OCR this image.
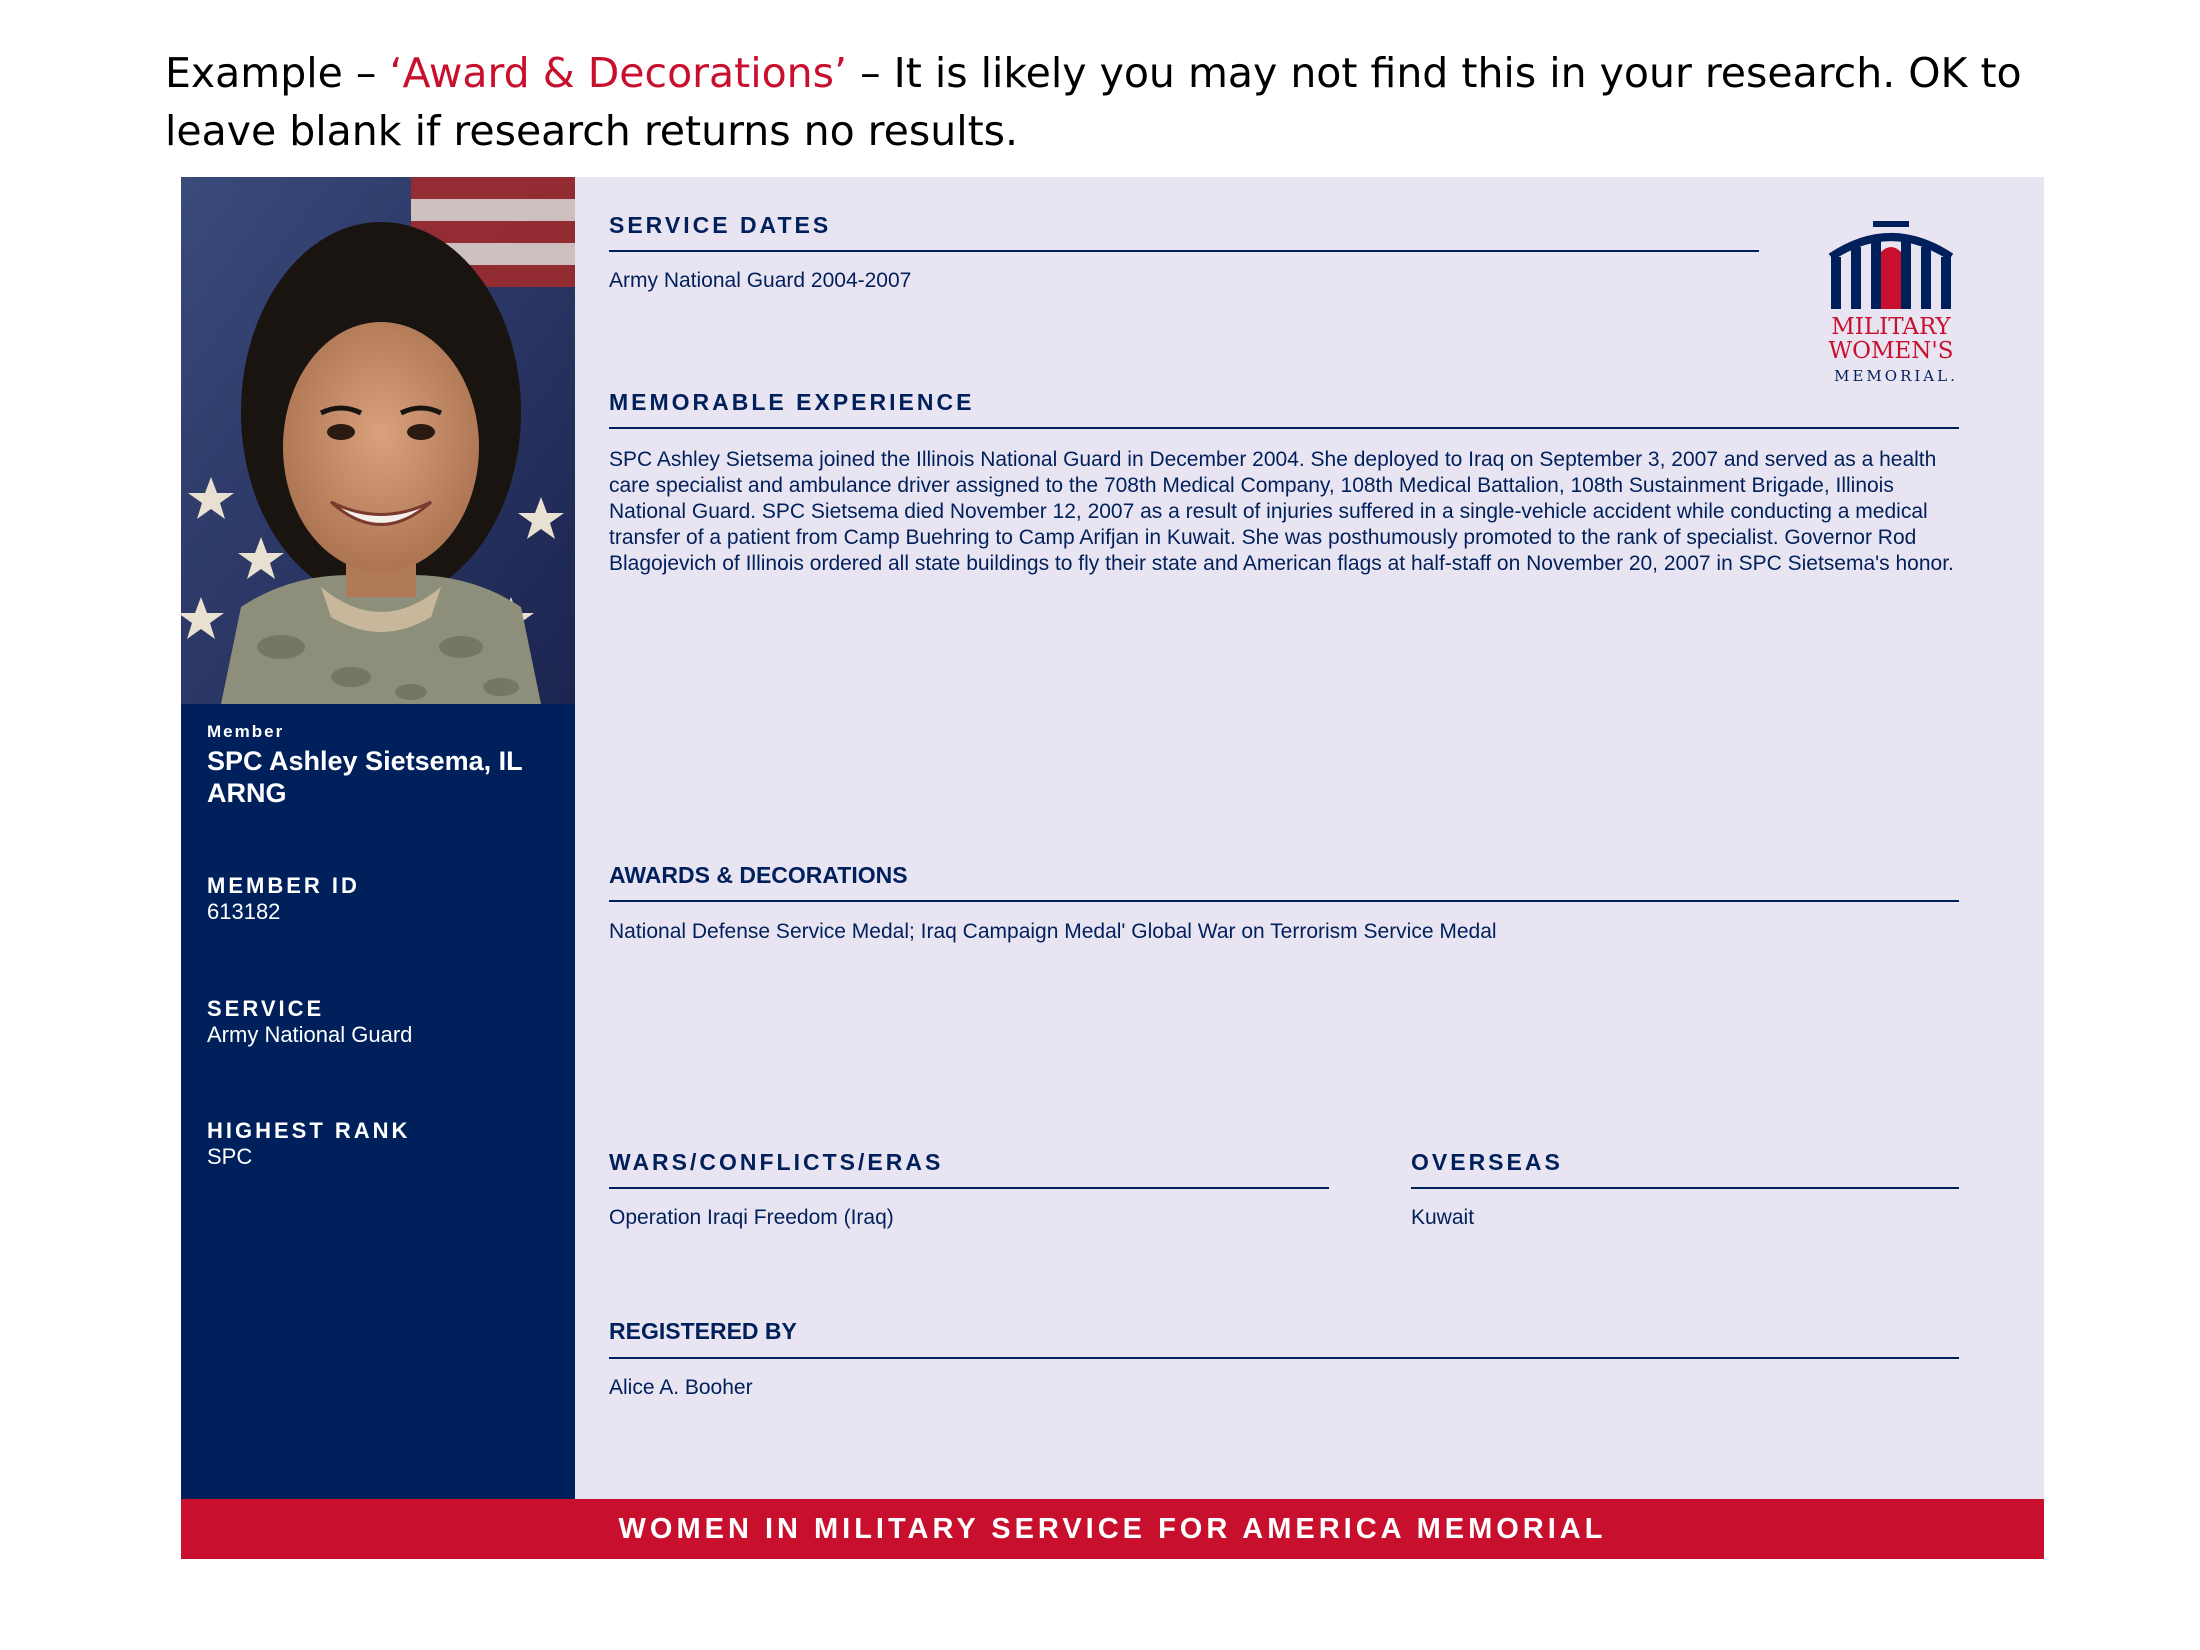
Example – ‘Award & Decorations’ – It is likely you may not find this in your research. OK to leave blank if research returns no results.
Member
SPC Ashley Sietsema, IL ARNG
MEMBER ID
613182
SERVICE
Army National Guard
HIGHEST RANK
SPC
SERVICE DATES
Army National Guard 2004-2007
MEMORABLE EXPERIENCE
SPC Ashley Sietsema joined the Illinois National Guard in December 2004. She deployed to Iraq on September 3, 2007 and served as a health care specialist and ambulance driver assigned to the 708th Medical Company, 108th Medical Battalion, 108th Sustainment Brigade, Illinois National Guard. SPC Sietsema died November 12, 2007 as a result of injuries suffered in a single-vehicle accident while conducting a medical transfer of a patient from Camp Buehring to Camp Arifjan in Kuwait. She was posthumously promoted to the rank of specialist. Governor Rod Blagojevich of Illinois ordered all state buildings to fly their state and American flags at half-staff on November 20, 2007 in SPC Sietsema's honor.
AWARDS & DECORATIONS
National Defense Service Medal; Iraq Campaign Medal' Global War on Terrorism Service Medal
WARS/CONFLICTS/ERAS
Operation Iraqi Freedom (Iraq)
OVERSEAS
Kuwait
REGISTERED BY
Alice A. Booher
MILITARY
WOMEN'S
MEMORIAL.
WOMEN IN MILITARY SERVICE FOR AMERICA MEMORIAL
